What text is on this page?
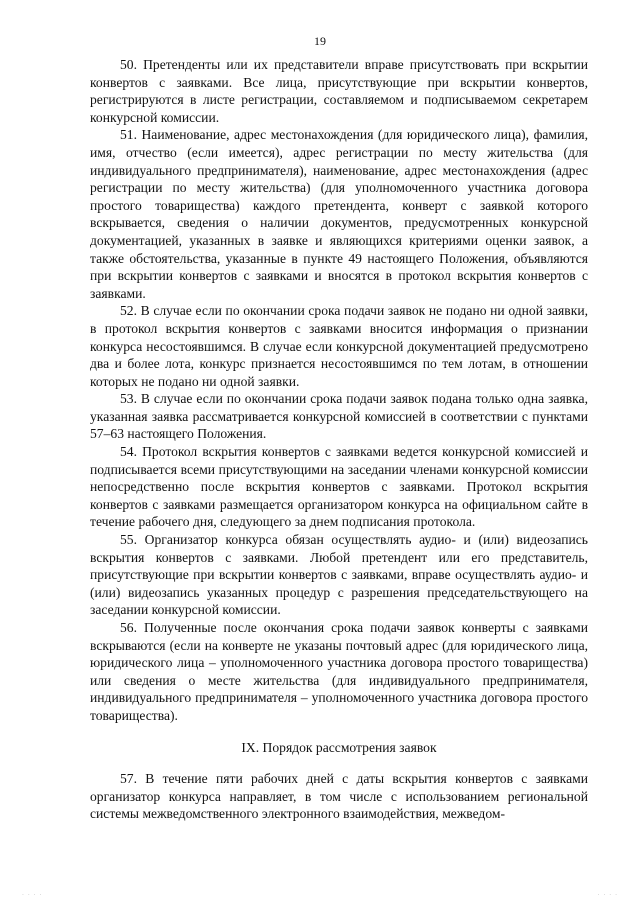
19

50. Претенденты или их представители вправе присутствовать при вскрытии конвертов с заявками. Все лица, присутствующие при вскрытии конвертов, регистрируются в листе регистрации, составляемом и подписываемом секретарем конкурсной комиссии.

51. Наименование, адрес местонахождения (для юридического лица), фамилия, имя, отчество (если имеется), адрес регистрации по месту жительства (для индивидуального предпринимателя), наименование, адрес местонахождения (адрес регистрации по месту жительства) (для уполномоченного участника договора простого товарищества) каждого претендента, конверт с заявкой которого вскрывается, сведения о наличии документов, предусмотренных конкурсной документацией, указанных в заявке и являющихся критериями оценки заявок, а также обстоятельства, указанные в пункте 49 настоящего Положения, объявляются при вскрытии конвертов с заявками и вносятся в протокол вскрытия конвертов с заявками.

52. В случае если по окончании срока подачи заявок не подано ни одной заявки, в протокол вскрытия конвертов с заявками вносится информация о признании конкурса несостоявшимся. В случае если конкурсной документацией предусмотрено два и более лота, конкурс признается несостоявшимся по тем лотам, в отношении которых не подано ни одной заявки.

53. В случае если по окончании срока подачи заявок подана только одна заявка, указанная заявка рассматривается конкурсной комиссией в соответствии с пунктами 57–63 настоящего Положения.

54. Протокол вскрытия конвертов с заявками ведется конкурсной комиссией и подписывается всеми присутствующими на заседании членами конкурсной комиссии непосредственно после вскрытия конвертов с заявками. Протокол вскрытия конвертов с заявками размещается организатором конкурса на официальном сайте в течение рабочего дня, следующего за днем подписания протокола.

55. Организатор конкурса обязан осуществлять аудио- и (или) видеозапись вскрытия конвертов с заявками. Любой претендент или его представитель, присутствующие при вскрытии конвертов с заявками, вправе осуществлять аудио- и (или) видеозапись указанных процедур с разрешения председательствующего на заседании конкурсной комиссии.

56. Полученные после окончания срока подачи заявок конверты с заявками вскрываются (если на конверте не указаны почтовый адрес (для юридического лица, юридического лица – уполномоченного участника договора простого товарищества) или сведения о месте жительства (для индивидуального предпринимателя, индивидуального предпринимателя – уполномоченного участника договора простого товарищества).

IX. Порядок рассмотрения заявок

57. В течение пяти рабочих дней с даты вскрытия конвертов с заявками организатор конкурса направляет, в том числе с использованием региональной системы межведомственного электронного взаимодействия, межведом-

· · · ·	· · · ·
